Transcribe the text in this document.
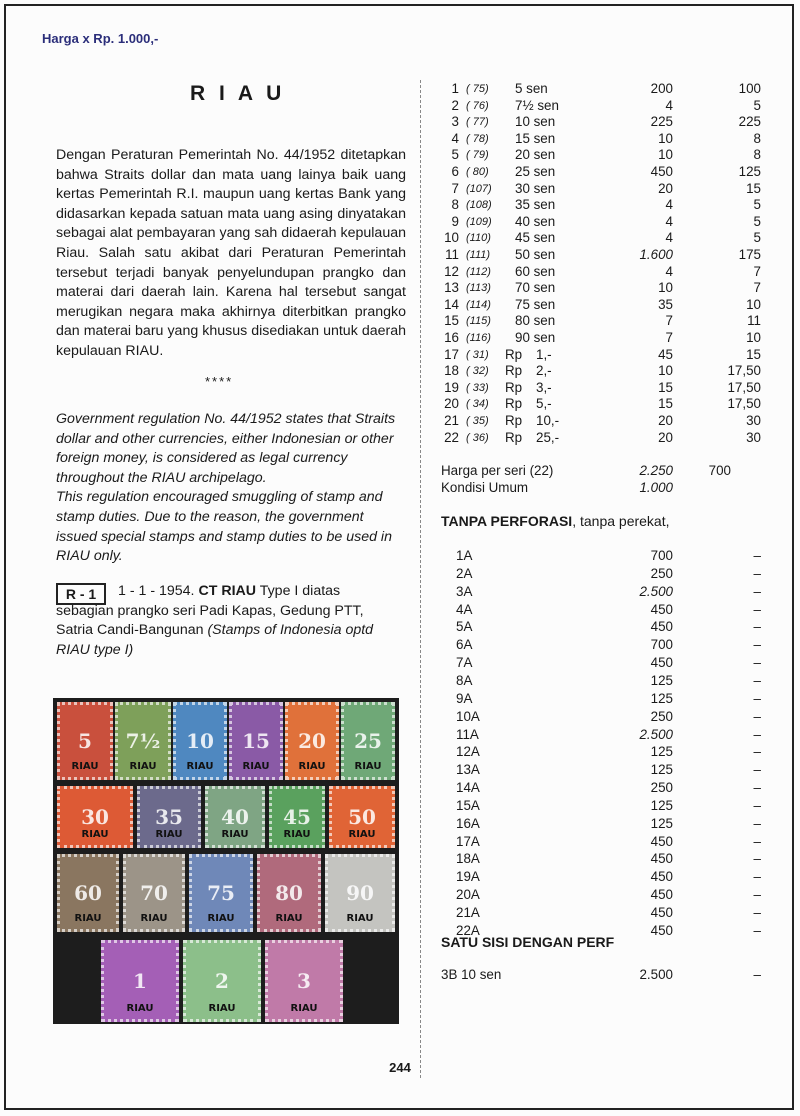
Harga x Rp. 1.000,-
R I A U
Dengan Peraturan Pemerintah No. 44/1952 ditetapkan bahwa Straits dollar dan mata uang lainya baik uang kertas Pemerintah R.I. maupun uang kertas Bank yang didasarkan kepada satuan mata uang asing dinyatakan sebagai alat pembayaran yang sah didaerah kepulauan Riau. Salah satu akibat dari Peraturan Pemerintah tersebut terjadi banyak penyelundupan prangko dan materai dari daerah lain. Karena hal tersebut sangat merugikan negara maka akhirnya diterbitkan prangko dan materai baru yang khusus disediakan untuk daerah kepulauan RIAU.
****
Government regulation No. 44/1952 states that Straits dollar and other currencies, either Indonesian or other foreign money, is considered as legal currency throughout the RIAU archipelago.
This regulation encouraged smuggling of stamp and stamp duties. Due to the reason, the government issued special stamps and stamp duties to be used in RIAU only.
R - 1	1 - 1 - 1954. CT RIAU Type I diatas sebagian prangko seri Padi Kapas, Gedung PTT, Satria Candi-Bangunan (Stamps of Indonesia optd RIAU type I)
5
RIAU
7½
RIAU
10
RIAU
15
RIAU
20
RIAU
25
RIAU
30
RIAU
35
RIAU
40
RIAU
45
RIAU
50
RIAU
60
RIAU
70
RIAU
75
RIAU
80
RIAU
90
RIAU
1
RIAU
2
RIAU
3
RIAU
1 ( 75) 5 sen	200	100
2 ( 76) 7½ sen	4	5
3 ( 77) 10 sen	225	225
4 ( 78) 15 sen	10	8
5 ( 79) 20 sen	10	8
6 ( 80) 25 sen	450	125
7 (107) 30 sen	20	15
8 (108) 35 sen	4	5
9 (109) 40 sen	4	5
10 (110) 45 sen	4	5
11 (111) 50 sen	1.600	175
12 (112) 60 sen	4	7
13 (113) 70 sen	10	7
14 (114) 75 sen	35	10
15 (115) 80 sen	7	11
16 (116) 90 sen	7	10
17 ( 31) Rp 1,-	45	15
18 ( 32) Rp 2,-	10	17,50
19 ( 33) Rp 3,-	15	17,50
20 ( 34) Rp 5,-	15	17,50
21 ( 35) Rp 10,-	20	30
22 ( 36) Rp 25,-	20	30
Harga per seri (22)	2.250	700
Kondisi Umum	1.000
TANPA PERFORASI, tanpa perekat,
1A	700	–
2A	250	–
3A	2.500	–
4A	450	–
5A	450	–
6A	700	–
7A	450	–
8A	125	–
9A	125	–
10A	250	–
11A	2.500	–
12A	125	–
13A	125	–
14A	250	–
15A	125	–
16A	125	–
17A	450	–
18A	450	–
19A	450	–
20A	450	–
21A	450	–
22A	450	–
SATU SISI DENGAN PERF
3B 10 sen	2.500	–
244
